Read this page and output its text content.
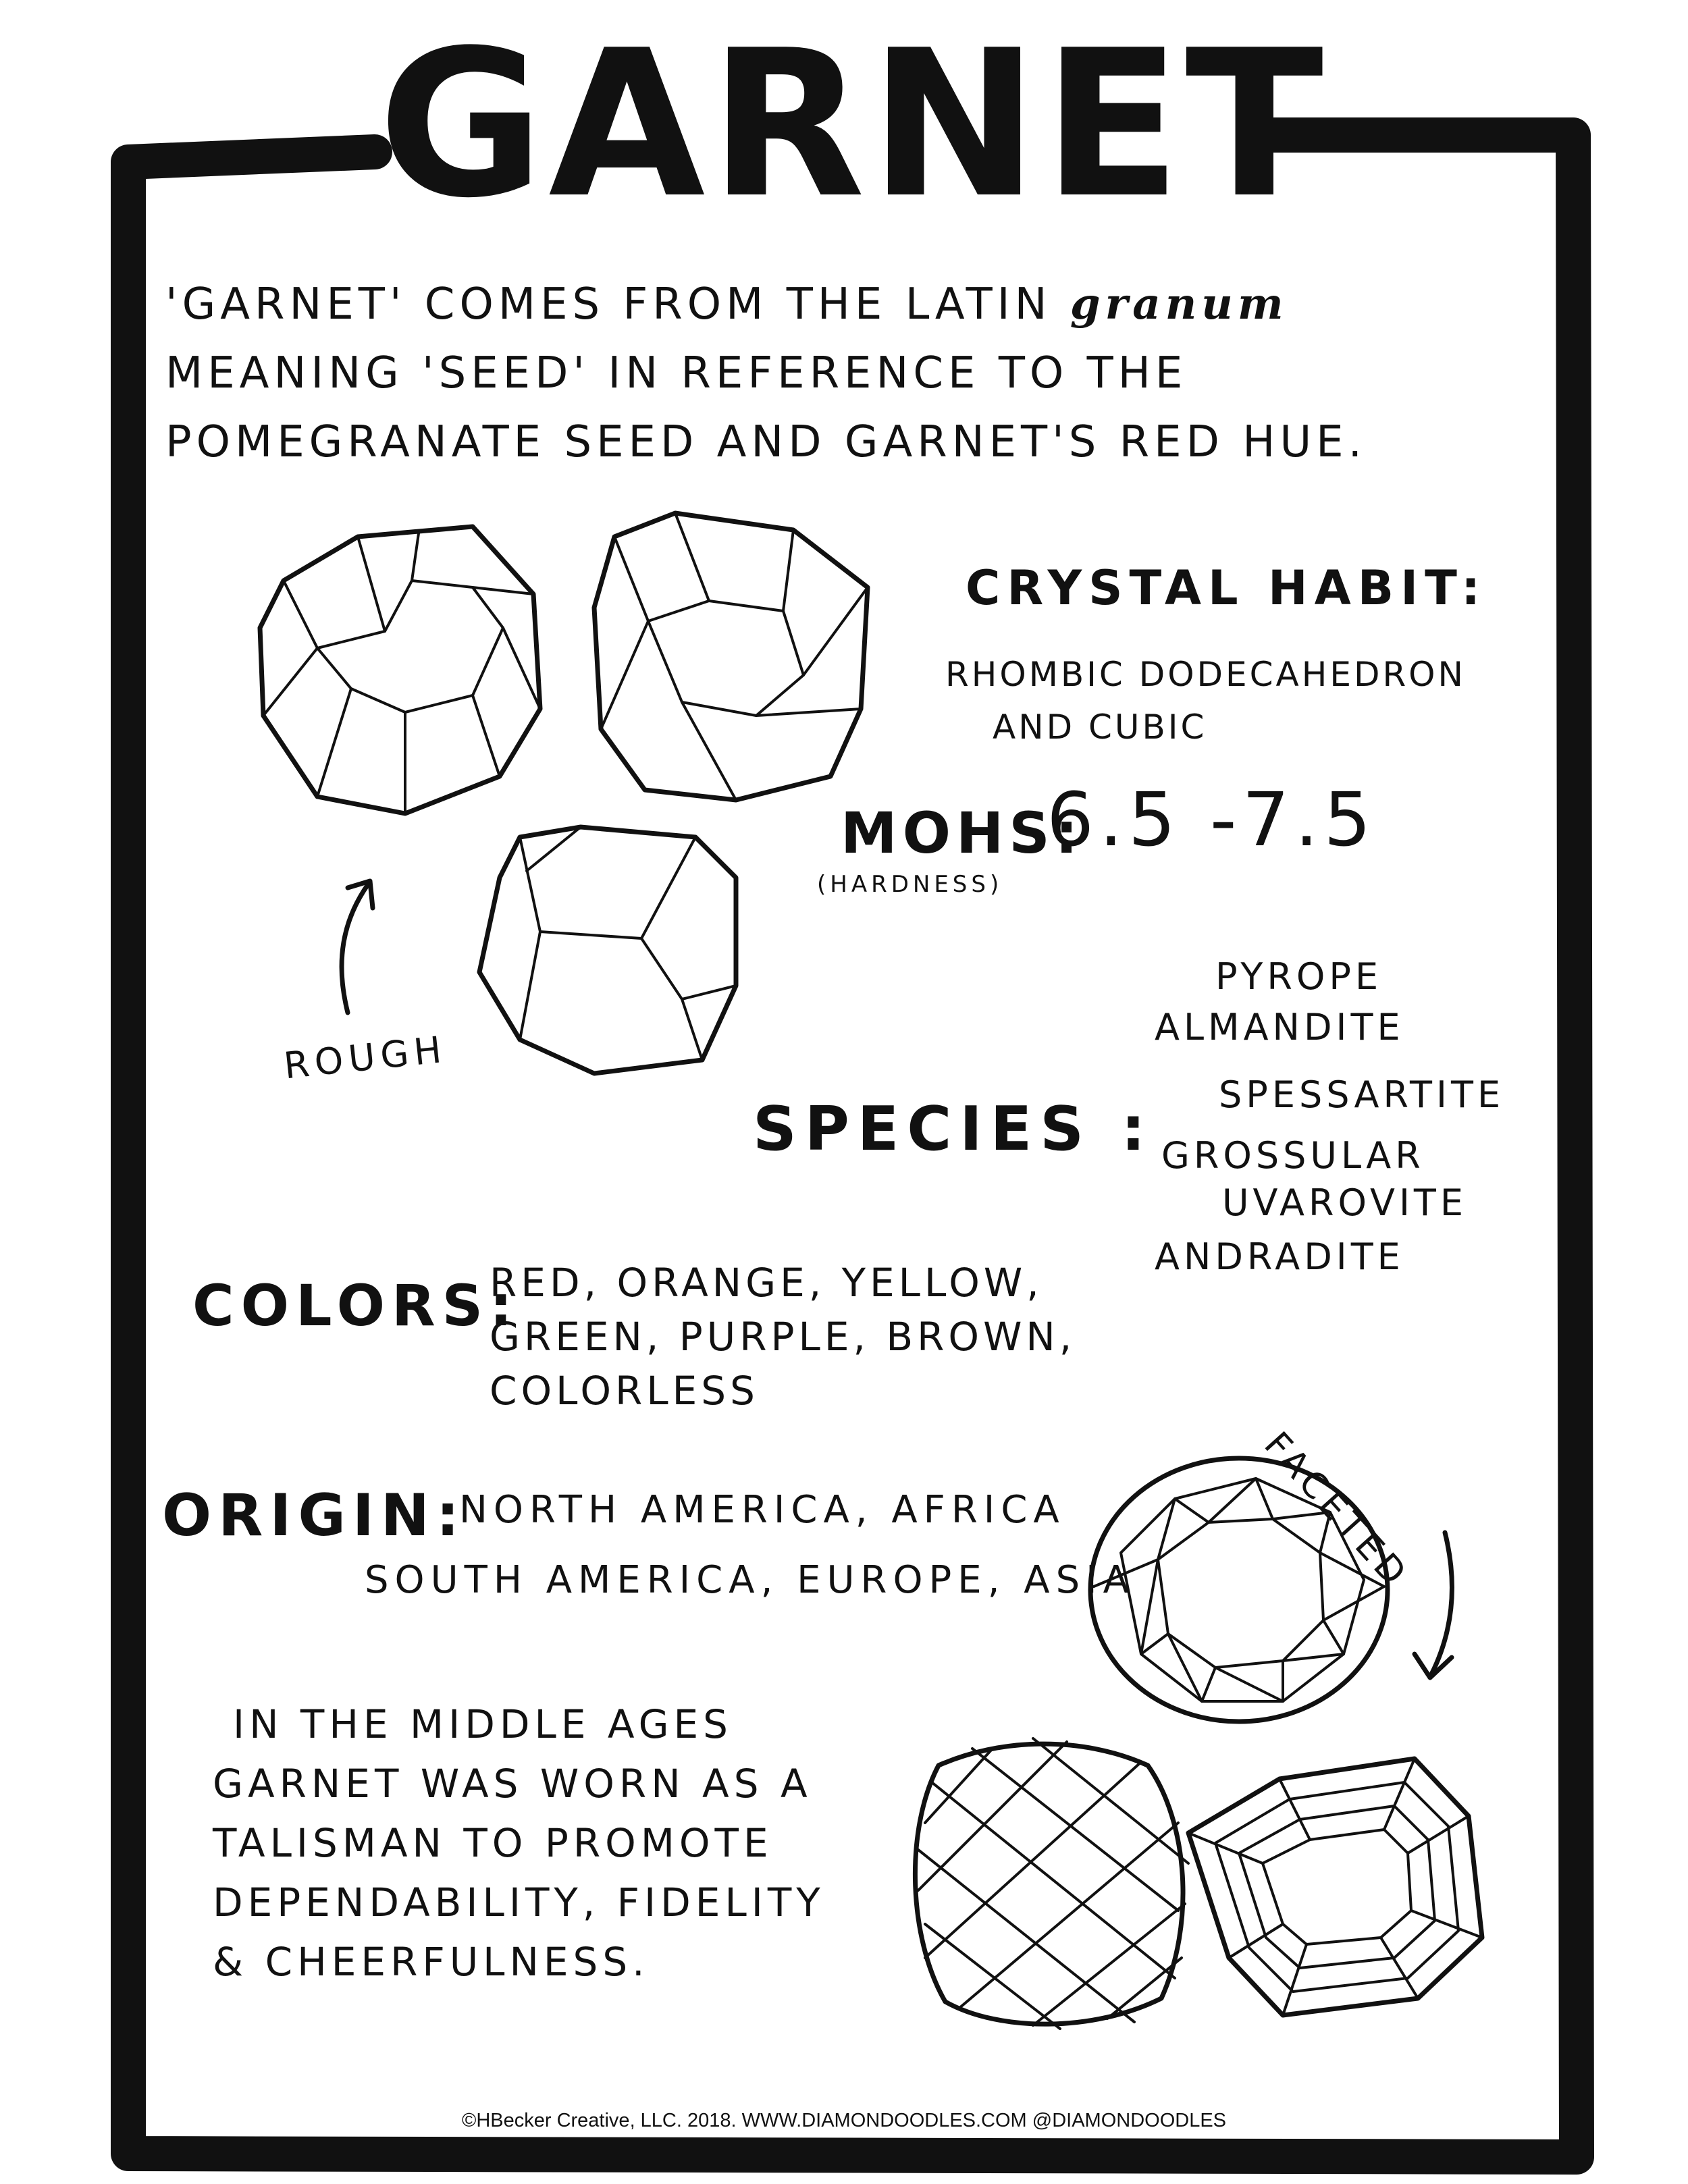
GARNET
'GARNET' COMES FROM THE LATIN granum MEANING 'SEED' IN REFERENCE TO THE POMEGRANATE SEED AND GARNET'S RED HUE.
CRYSTAL HABIT:
RHOMBIC DODECAHEDRON
AND CUBIC
MOHS:
6.5 -7.5
(HARDNESS)
ROUGH
SPECIES :
PYROPE
ALMANDITE
SPESSARTITE
GROSSULAR
UVAROVITE
ANDRADITE
COLORS:
RED, ORANGE, YELLOW,
GREEN, PURPLE, BROWN,
COLORLESS
ORIGIN:
NORTH AMERICA, AFRICA
SOUTH AMERICA, EUROPE, ASIA	FACETED
IN THE MIDDLE AGES
GARNET WAS WORN AS A
TALISMAN TO PROMOTE
DEPENDABILITY, FIDELITY
& CHEERFULNESS.
©HBecker Creative, LLC. 2018. WWW.DIAMONDOODLES.COM @DIAMONDOODLES
